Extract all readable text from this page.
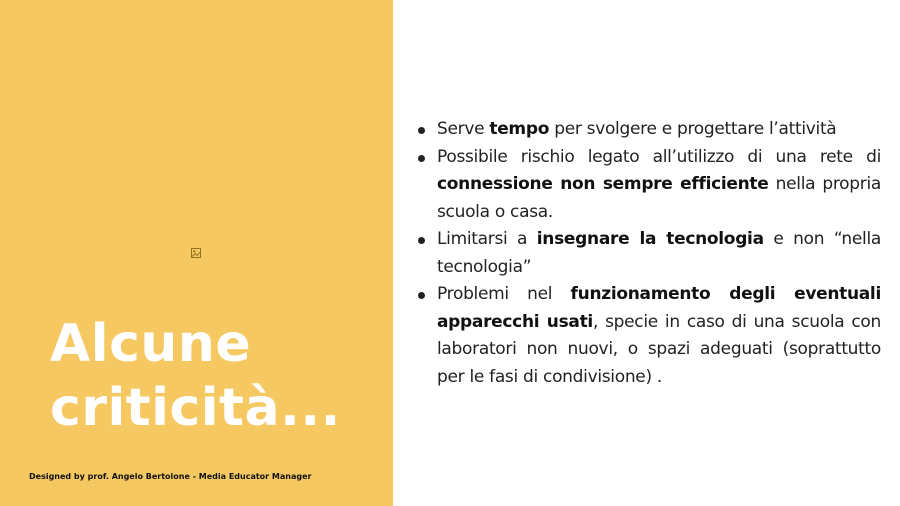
Alcune
criticità...
Designed by prof. Angelo Bertolone - Media Educator Manager
Serve tempo per svolgere e progettare l’attività
Possibile rischio legato all’utilizzo di una rete di connessione non sempre efficiente nella propria scuola o casa.
Limitarsi a insegnare la tecnologia e non “nella tecnologia”
Problemi nel funzionamento degli eventuali apparecchi usati, specie in caso di una scuola con laboratori non nuovi, o spazi adeguati (soprattutto per le fasi di condivisione) .
